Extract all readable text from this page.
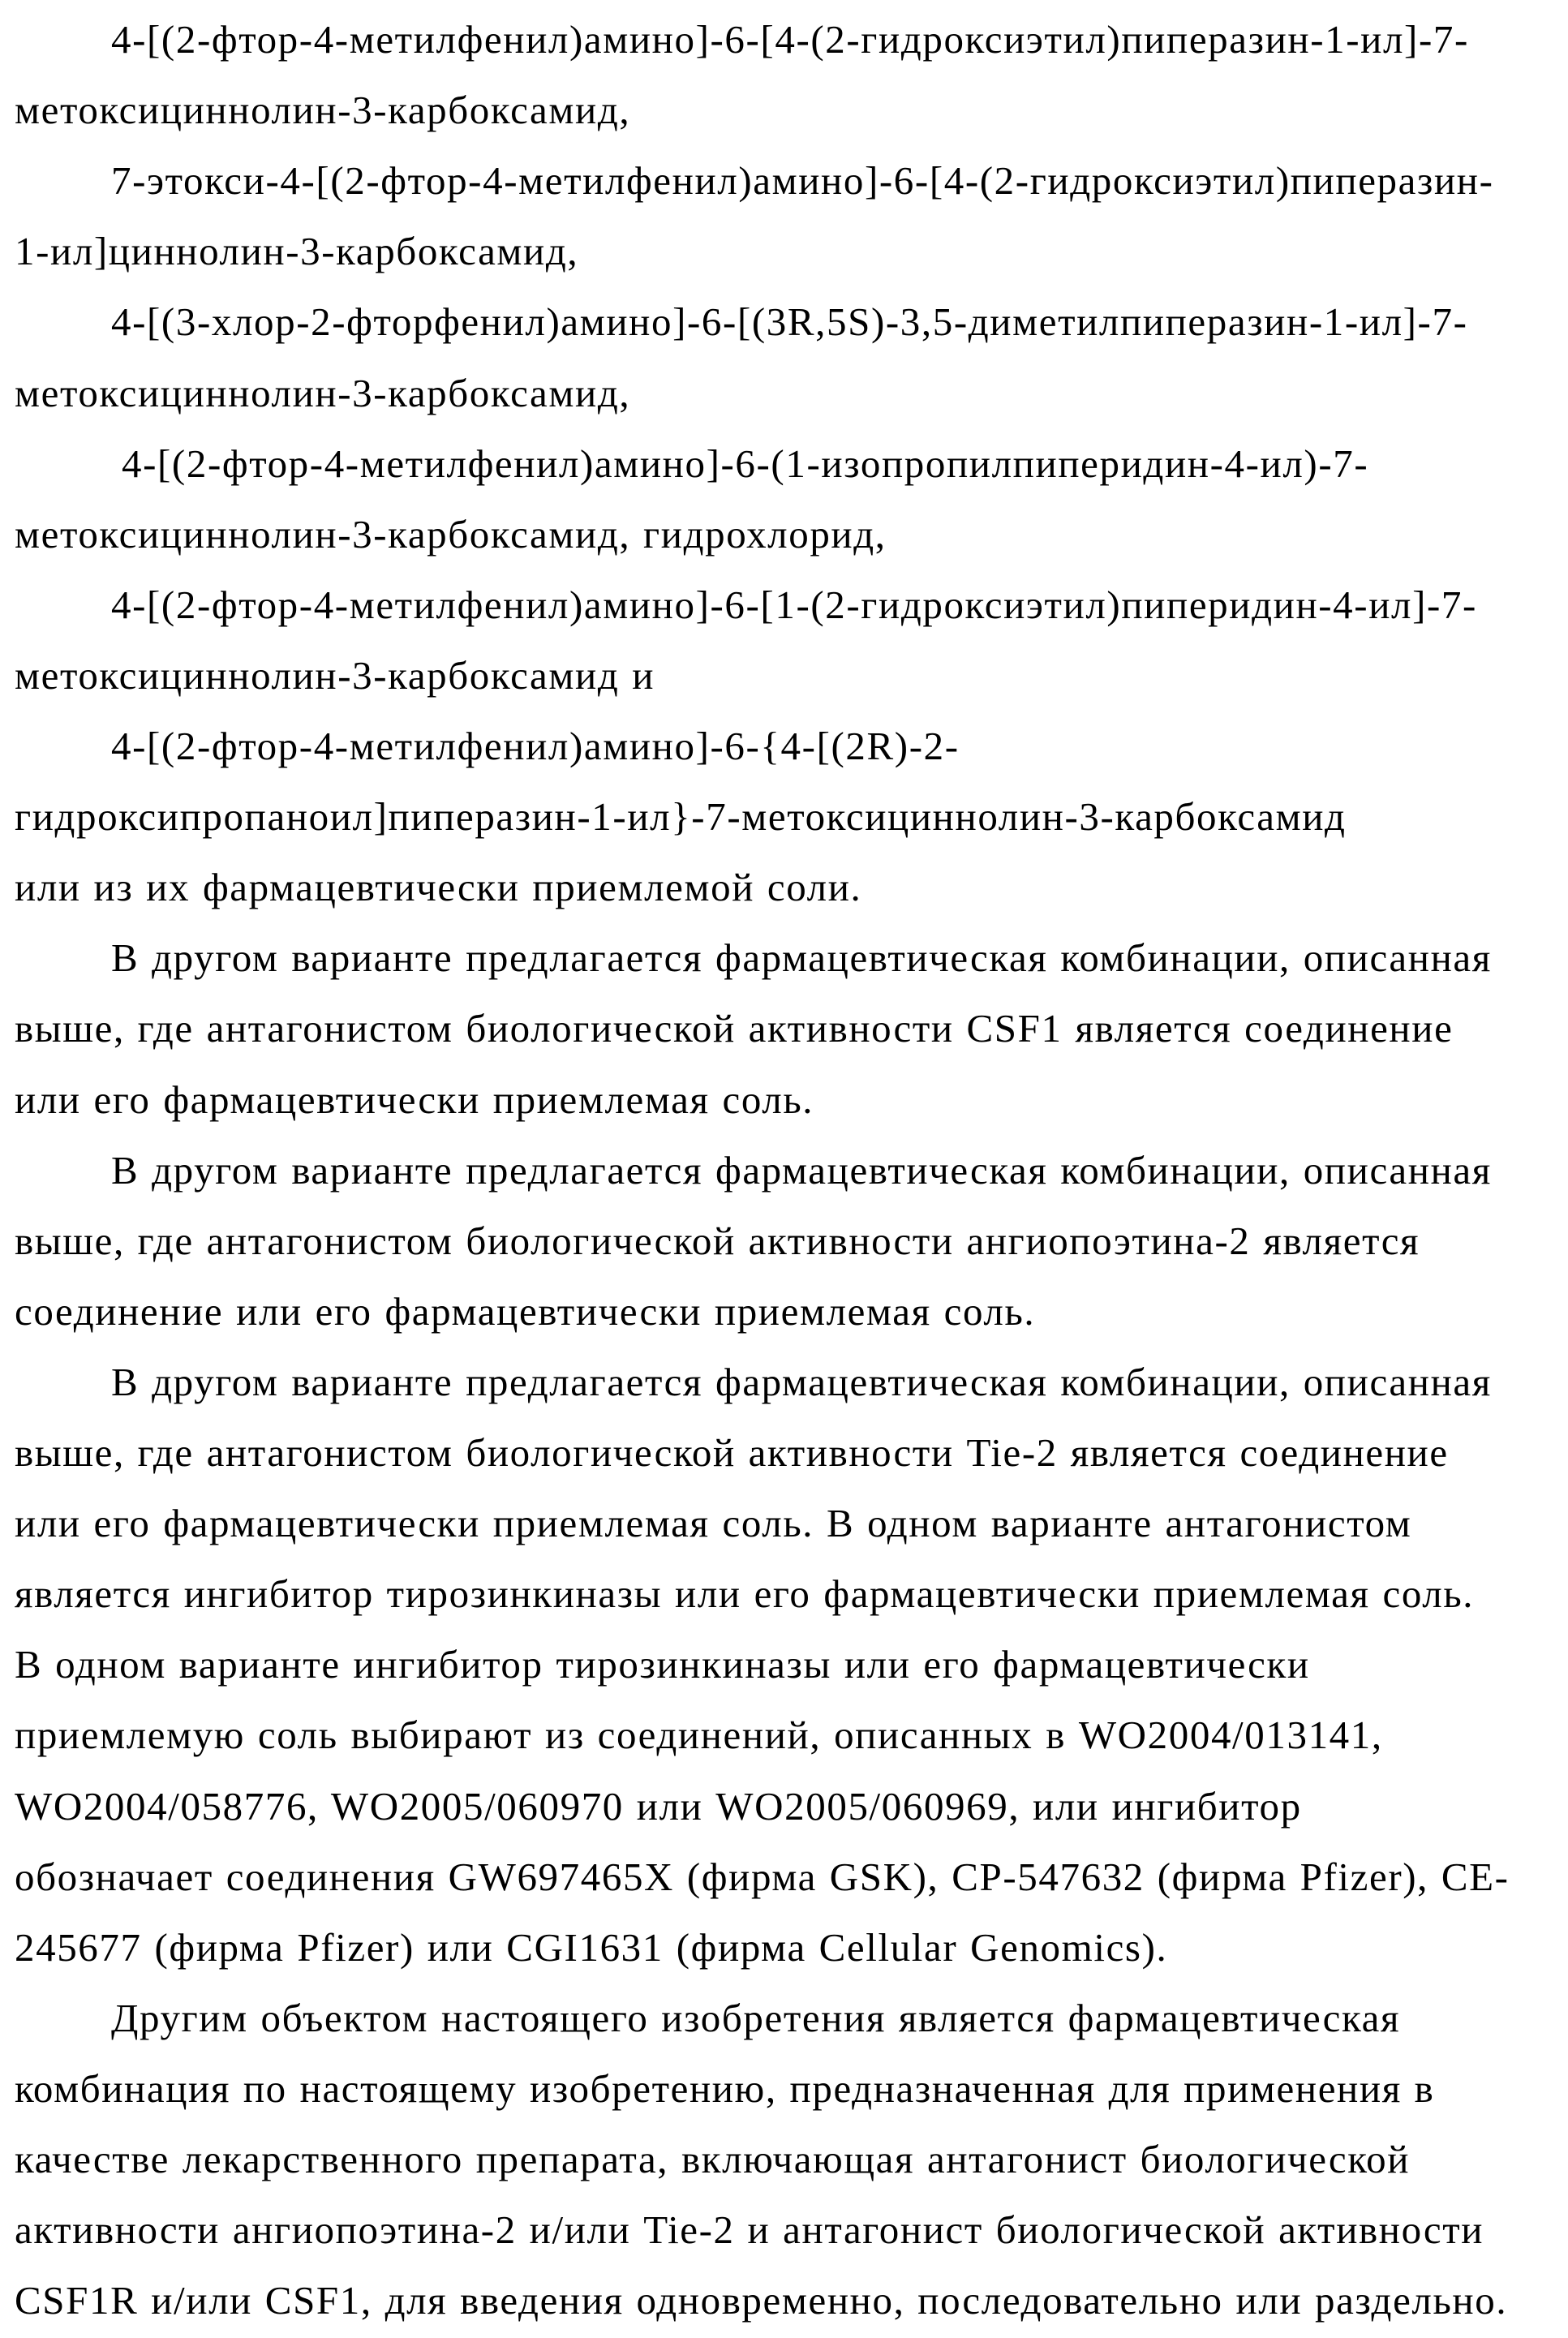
4-[(2-фтор-4-метилфенил)амино]-6-[4-(2-гидроксиэтил)пиперазин-1-ил]-7-
метоксициннолин-3-карбоксамид,
7-этокси-4-[(2-фтор-4-метилфенил)амино]-6-[4-(2-гидроксиэтил)пиперазин-
1-ил]циннолин-3-карбоксамид,
4-[(3-хлор-2-фторфенил)амино]-6-[(3R,5S)-3,5-диметилпиперазин-1-ил]-7-
метоксициннолин-3-карбоксамид,
4-[(2-фтор-4-метилфенил)амино]-6-(1-изопропилпиперидин-4-ил)-7-
метоксициннолин-3-карбоксамид, гидрохлорид,
4-[(2-фтор-4-метилфенил)амино]-6-[1-(2-гидроксиэтил)пиперидин-4-ил]-7-
метоксициннолин-3-карбоксамид и
4-[(2-фтор-4-метилфенил)амино]-6-{4-[(2R)-2-
гидроксипропаноил]пиперазин-1-ил}-7-метоксициннолин-3-карбоксамид
или из их фармацевтически приемлемой соли.
В другом варианте предлагается фармацевтическая комбинации, описанная
выше, где антагонистом биологической активности CSF1 является соединение
или его фармацевтически приемлемая соль.
В другом варианте предлагается фармацевтическая комбинации, описанная
выше, где антагонистом биологической активности ангиопоэтина-2 является
соединение или его фармацевтически приемлемая соль.
В другом варианте предлагается фармацевтическая комбинации, описанная
выше, где антагонистом биологической активности Tie-2 является соединение
или его фармацевтически приемлемая соль. В одном варианте антагонистом
является ингибитор тирозинкиназы или его фармацевтически приемлемая соль.
В одном варианте ингибитор тирозинкиназы или его фармацевтически
приемлемую соль выбирают из соединений, описанных в WO2004/013141,
WO2004/058776, WO2005/060970 или WO2005/060969, или ингибитор
обозначает соединения GW697465X (фирма GSK), CP-547632 (фирма Pfizer), CE-
245677 (фирма Pfizer) или CGI1631 (фирма Cellular Genomics).
Другим объектом настоящего изобретения является фармацевтическая
комбинация по настоящему изобретению, предназначенная для применения в
качестве лекарственного препарата, включающая антагонист биологической
активности ангиопоэтина-2 и/или Tie-2 и антагонист биологической активности
CSF1R и/или CSF1, для введения одновременно, последовательно или раздельно.
